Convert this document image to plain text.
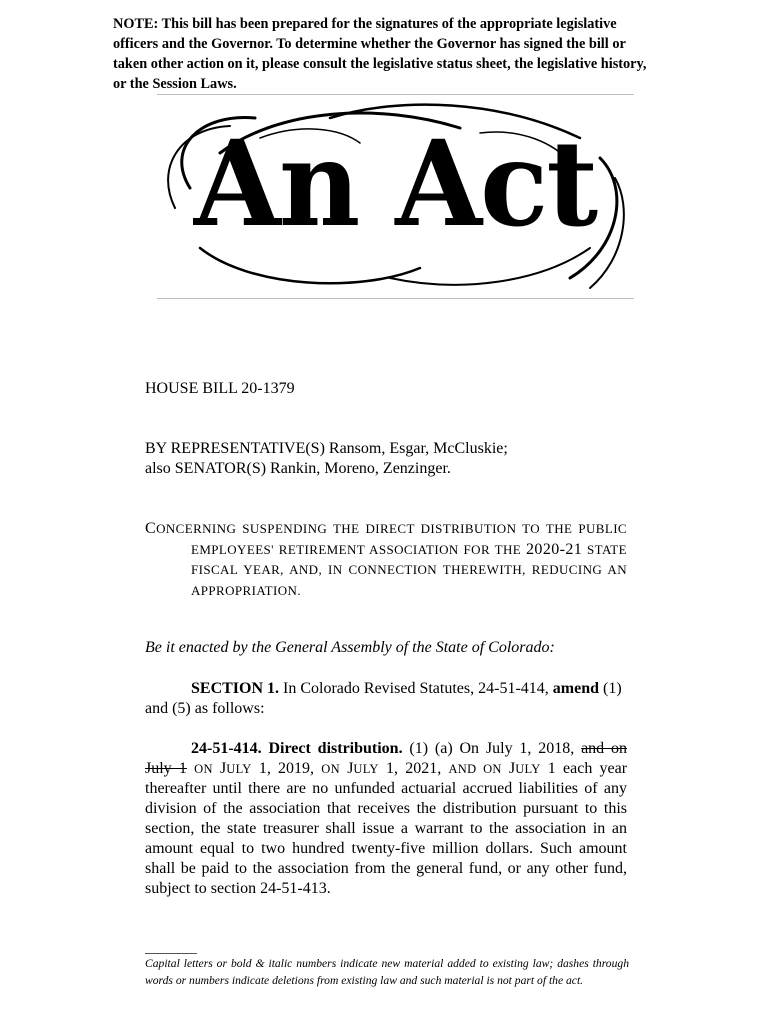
NOTE: This bill has been prepared for the signatures of the appropriate legislative officers and the Governor. To determine whether the Governor has signed the bill or taken other action on it, please consult the legislative status sheet, the legislative history, or the Session Laws.
An Act
HOUSE BILL 20-1379
BY REPRESENTATIVE(S) Ransom, Esgar, McCluskie;
also SENATOR(S) Rankin, Moreno, Zenzinger.
CONCERNING SUSPENDING THE DIRECT DISTRIBUTION TO THE PUBLIC
EMPLOYEES' RETIREMENT ASSOCIATION FOR THE 2020-21 STATE
FISCAL YEAR, AND, IN CONNECTION THEREWITH, REDUCING AN
APPROPRIATION.
Be it enacted by the General Assembly of the State of Colorado:
SECTION 1. In Colorado Revised Statutes, 24-51-414, amend (1) and (5) as follows:
24-51-414. Direct distribution. (1) (a) On July 1, 2018, and on July 1 ON JULY 1, 2019, ON JULY 1, 2021, AND ON JULY 1 each year thereafter until there are no unfunded actuarial accrued liabilities of any division of the association that receives the distribution pursuant to this section, the state treasurer shall issue a warrant to the association in an amount equal to two hundred twenty-five million dollars. Such amount shall be paid to the association from the general fund, or any other fund, subject to section 24-51-413.
Capital letters or bold & italic numbers indicate new material added to existing law; dashes through words or numbers indicate deletions from existing law and such material is not part of the act.
